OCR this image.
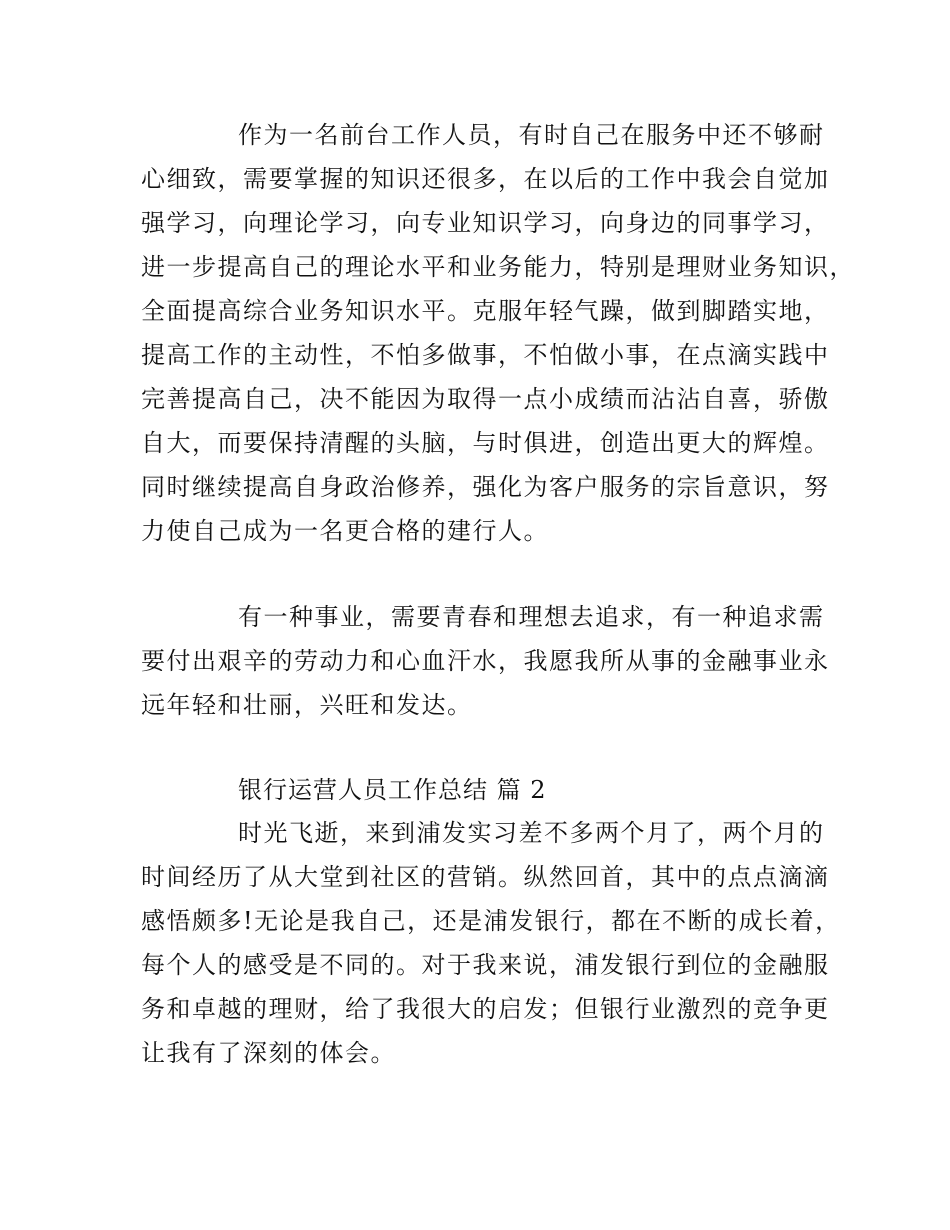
作为一名前台工作人员，有时自己在服务中还不够耐
心细致，需要掌握的知识还很多，在以后的工作中我会自觉加
强学习，向理论学习，向专业知识学习，向身边的同事学习，
进一步提高自己的理论水平和业务能力，特别是理财业务知识，
全面提高综合业务知识水平。克服年轻气躁，做到脚踏实地，
提高工作的主动性，不怕多做事，不怕做小事，在点滴实践中
完善提高自己，决不能因为取得一点小成绩而沾沾自喜，骄傲
自大，而要保持清醒的头脑，与时俱进，创造出更大的辉煌。
同时继续提高自身政治修养，强化为客户服务的宗旨意识，努
力使自己成为一名更合格的建行人。
有一种事业，需要青春和理想去追求，有一种追求需
要付出艰辛的劳动力和心血汗水，我愿我所从事的金融事业永
远年轻和壮丽，兴旺和发达。
银行运营人员工作总结 篇 2
时光飞逝，来到浦发实习差不多两个月了，两个月的
时间经历了从大堂到社区的营销。纵然回首，其中的点点滴滴
感悟颇多!无论是我自己，还是浦发银行，都在不断的成长着，
每个人的感受是不同的。对于我来说，浦发银行到位的金融服
务和卓越的理财，给了我很大的启发；但银行业激烈的竞争更
让我有了深刻的体会。
